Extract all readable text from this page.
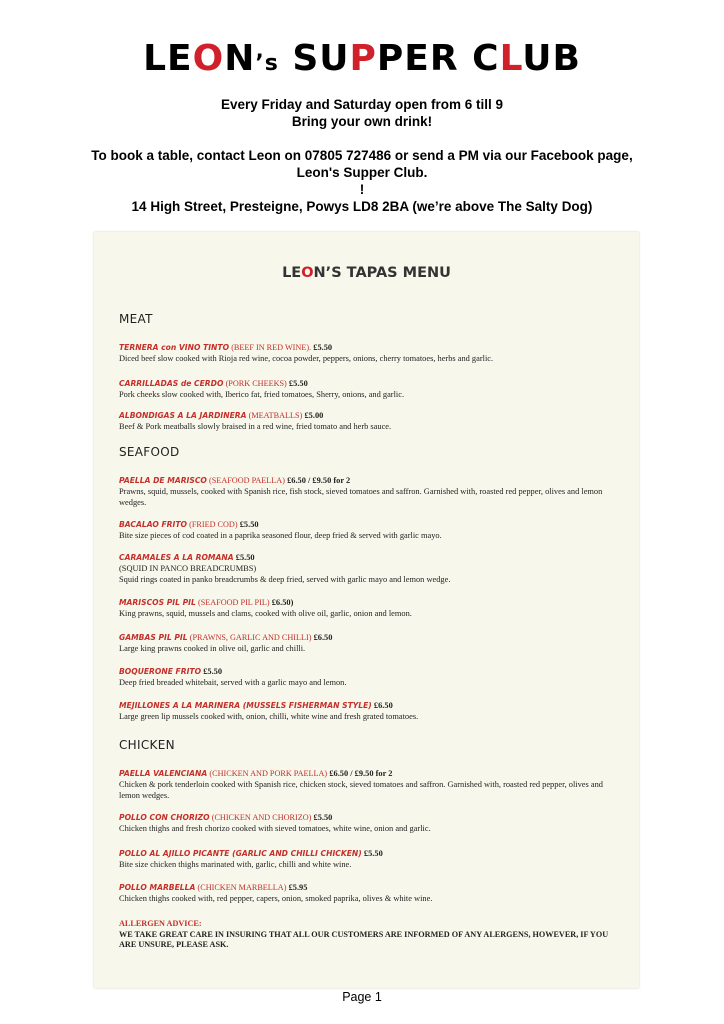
LEON’s SUPPER CLUB
Every Friday and Saturday open from 6 till 9
Bring your own drink!
To book a table, contact Leon on 07805 727486 or send a PM via our Facebook page,
Leon's Supper Club.
!
14 High Street, Presteigne, Powys LD8 2BA (we’re above The Salty Dog)
LEON’S TAPAS MENU
MEAT
TERNERA con VINO TINTO (BEEF IN RED WINE). £5.50
Diced beef slow cooked with Rioja red wine, cocoa powder, peppers, onions, cherry tomatoes, herbs and garlic.
CARRILLADAS de CERDO (PORK CHEEKS) £5.50
Pork cheeks slow cooked with, Iberico fat, fried tomatoes, Sherry, onions, and garlic.
ALBONDIGAS A LA JARDINERA (MEATBALLS) £5.00
Beef & Pork meatballs slowly braised in a red wine, fried tomato and herb sauce.
SEAFOOD
PAELLA DE MARISCO (SEAFOOD PAELLA) £6.50 / £9.50 for 2
Prawns, squid, mussels, cooked with Spanish rice, fish stock, sieved tomatoes and saffron. Garnished with, roasted red pepper, olives and lemon wedges.
BACALAO FRITO (FRIED COD) £5.50
Bite size pieces of cod coated in a paprika seasoned flour, deep fried & served with garlic mayo.
CARAMALES A LA ROMANA £5.50
(SQUID IN PANCO BREADCRUMBS)
Squid rings coated in panko breadcrumbs & deep fried, served with garlic mayo and lemon wedge.
MARISCOS PIL PIL (SEAFOOD PIL PIL) £6.50)
King prawns, squid, mussels and clams, cooked with olive oil, garlic, onion and lemon.
GAMBAS PIL PIL (PRAWNS, GARLIC AND CHILLI) £6.50
Large king prawns cooked in olive oil, garlic and chilli.
BOQUERONE FRITO £5.50
Deep fried breaded whitebait, served with a garlic mayo and lemon.
MEJILLONES A LA MARINERA (MUSSELS FISHERMAN STYLE) £6.50
Large green lip mussels cooked with, onion, chilli, white wine and fresh grated tomatoes.
CHICKEN
PAELLA VALENCIANA (CHICKEN AND PORK PAELLA) £6.50 / £9.50 for 2
Chicken & pork tenderloin cooked with Spanish rice, chicken stock, sieved tomatoes and saffron. Garnished with, roasted red pepper, olives and lemon wedges.
POLLO CON CHORIZO (CHICKEN AND CHORIZO) £5.50
Chicken thighs and fresh chorizo cooked with sieved tomatoes, white wine, onion and garlic.
POLLO AL AJILLO PICANTE (GARLIC AND CHILLI CHICKEN) £5.50
Bite size chicken thighs marinated with, garlic, chilli and white wine.
POLLO MARBELLA (CHICKEN MARBELLA) £5.95
Chicken thighs cooked with, red pepper, capers, onion, smoked paprika, olives & white wine.
ALLERGEN ADVICE:
WE TAKE GREAT CARE IN INSURING THAT ALL OUR CUSTOMERS ARE INFORMED OF ANY ALERGENS, HOWEVER, IF YOU ARE UNSURE, PLEASE ASK.
Page 1
